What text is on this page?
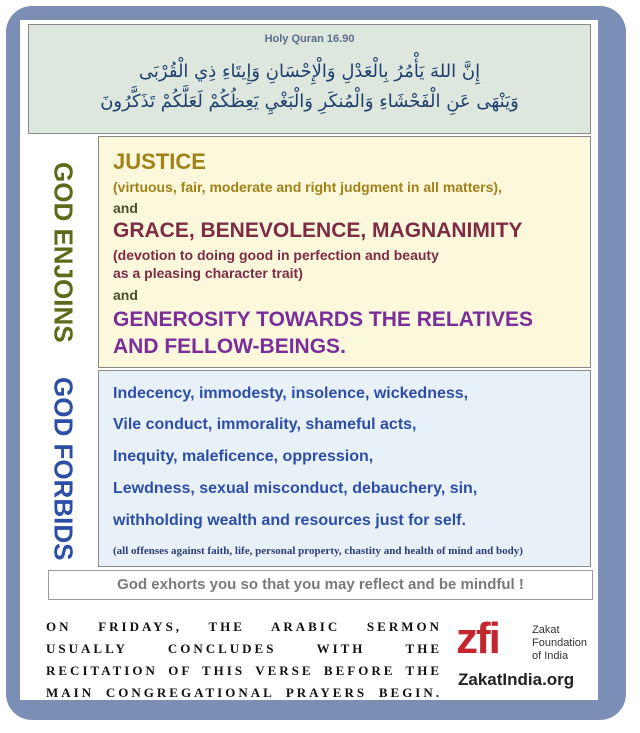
Holy Quran 16.90
إِنَّ اللهَ يَأْمُرُ بِالْعَدْلِ وَالْإِحْسَانِ وَإِيتَاءِ ذِي الْقُرْبَى
وَيَنْهَى عَنِ الْفَحْشَاءِ وَالْمُنكَرِ وَالْبَغْيِ يَعِظُكُمْ لَعَلَّكُمْ تَذَكَّرُونَ
GOD ENJOINS
JUSTICE
(virtuous, fair, moderate and right judgment in all matters),
and
GRACE, BENEVOLENCE, MAGNANIMITY
(devotion to doing good in perfection and beauty
as a pleasing character trait)
and
GENEROSITY TOWARDS THE RELATIVES
AND FELLOW-BEINGS.
GOD FORBIDS Indecency, immodesty, insolence, wickedness,
Vile conduct, immorality, shameful acts,
Inequity, maleficence, oppression,
Lewdness, sexual misconduct, debauchery, sin,
withholding wealth and resources just for self.
(all offenses against faith, life, personal property, chastity and health of mind and body)
God exhorts you so that you may reflect and be mindful !
ON FRIDAYS, THE ARABIC SERMON
USUALLY CONCLUDES WITH THE
RECITATION OF THIS VERSE BEFORE THE
MAIN CONGREGATIONAL PRAYERS BEGIN.
zfi	Zakat
Foundation
of India
ZakatIndia.org
